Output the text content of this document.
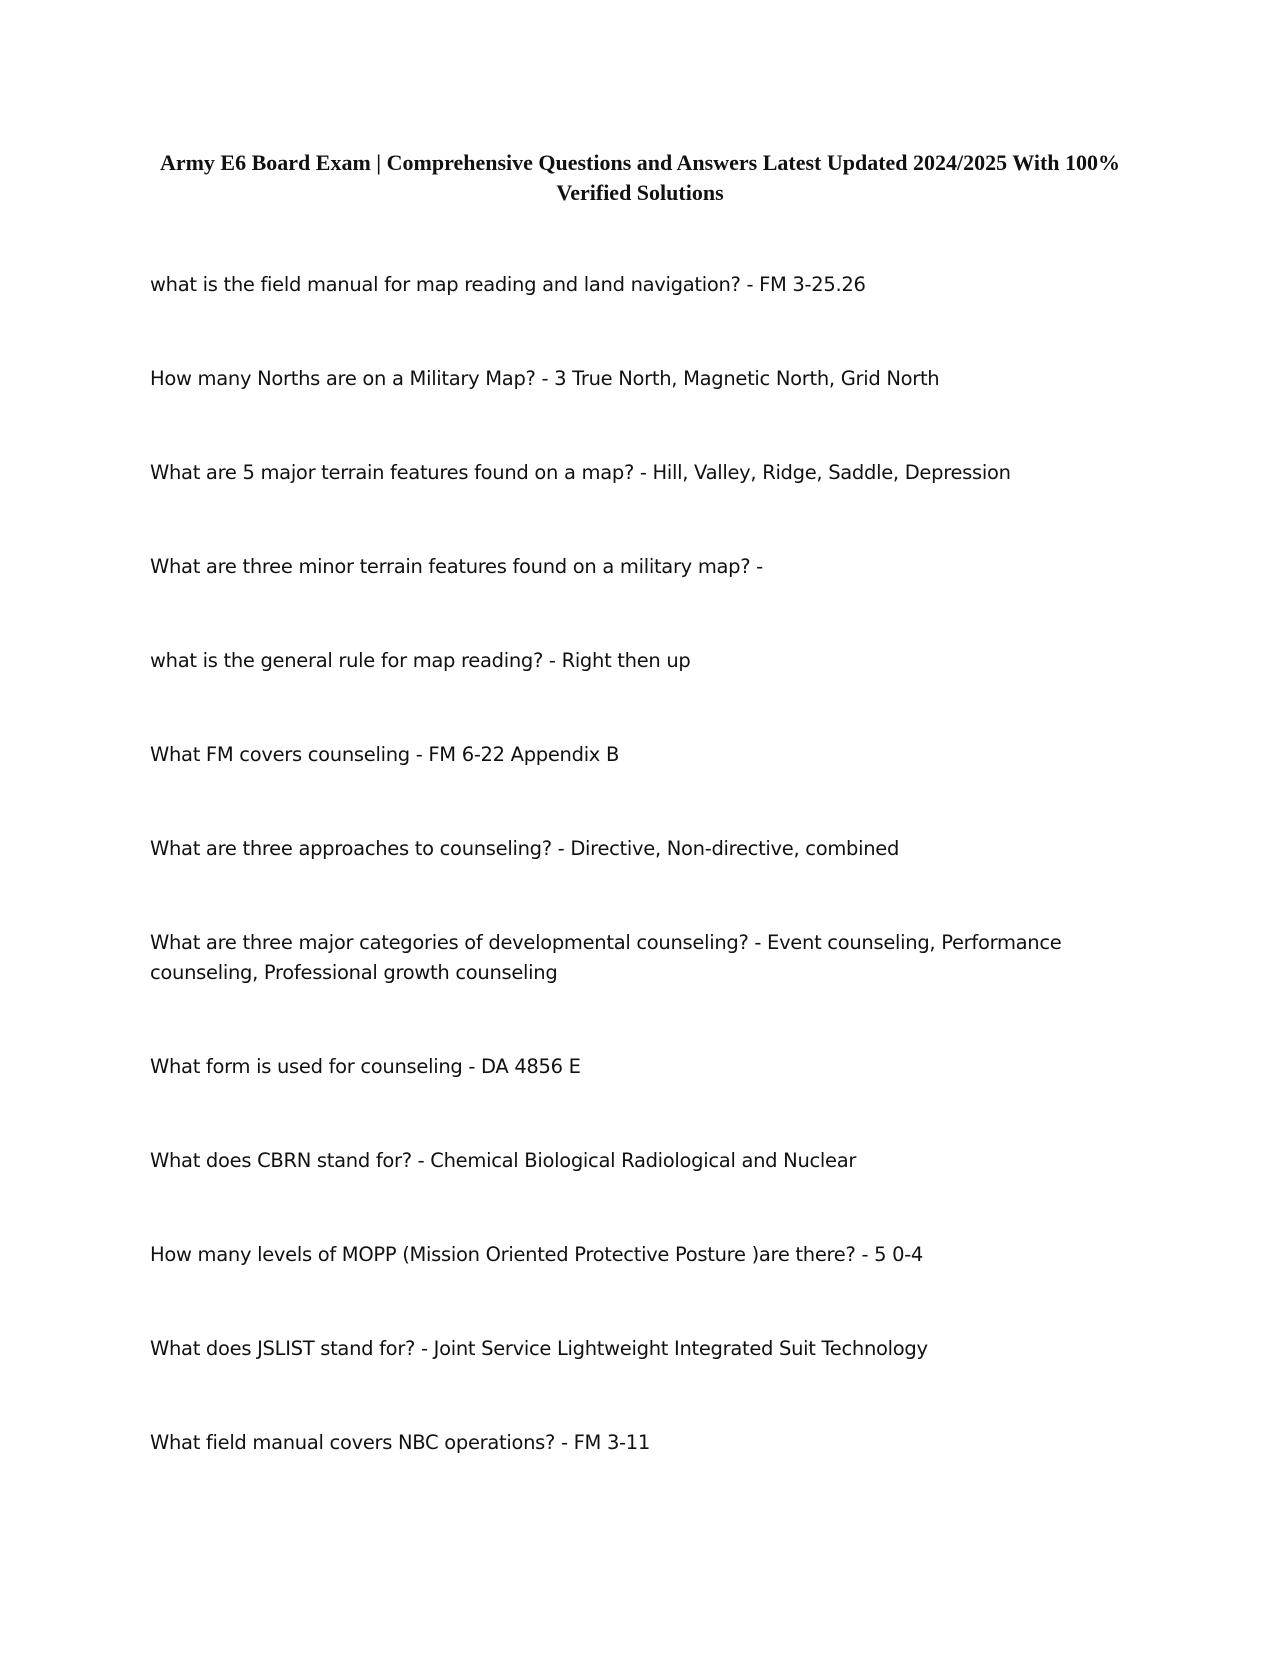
Army E6 Board Exam | Comprehensive Questions and Answers Latest Updated 2024/2025 With 100% Verified Solutions
what is the field manual for map reading and land navigation? - FM 3-25.26
How many Norths are on a Military Map? - 3 True North, Magnetic North, Grid North
What are 5 major terrain features found on a map? - Hill, Valley, Ridge, Saddle, Depression
What are three minor terrain features found on a military map? -
what is the general rule for map reading? - Right then up
What FM covers counseling - FM 6-22 Appendix B
What are three approaches to counseling? - Directive, Non-directive, combined
What are three major categories of developmental counseling? - Event counseling, Performance counseling, Professional growth counseling
What form is used for counseling - DA 4856 E
What does CBRN stand for? - Chemical Biological Radiological and Nuclear
How many levels of MOPP (Mission Oriented Protective Posture )are there? - 5 0-4
What does JSLIST stand for? - Joint Service Lightweight Integrated Suit Technology
What field manual covers NBC operations? - FM 3-11
